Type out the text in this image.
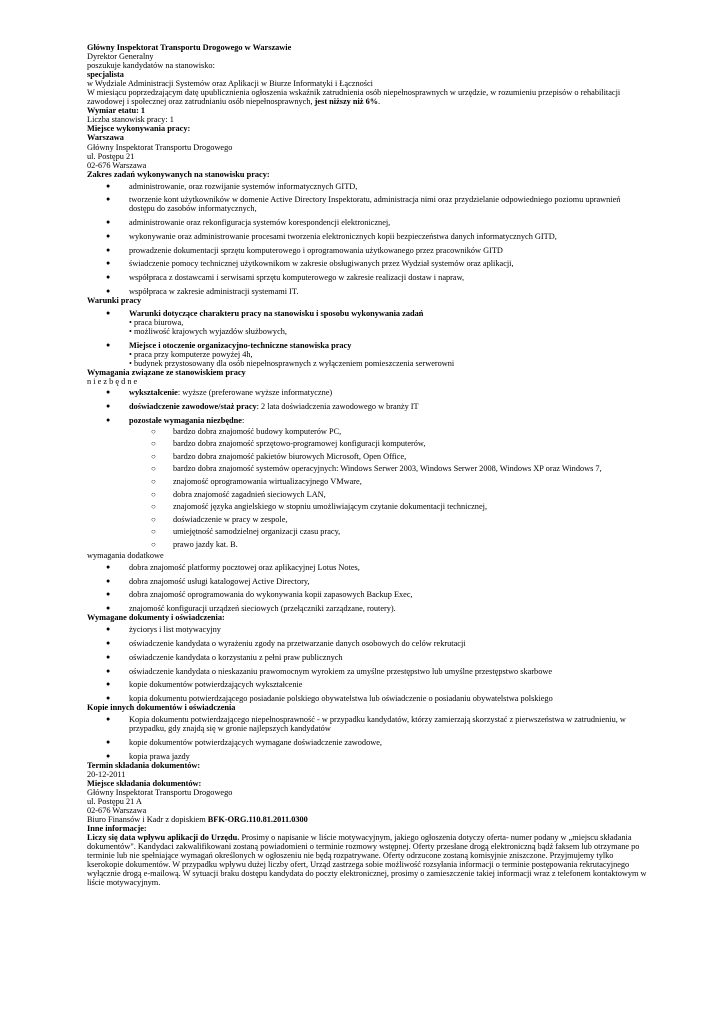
Główny Inspektorat Transportu Drogowego w Warszawie

Dyrektor Generalny

poszukuje kandydatów na stanowisko:

specjalista

w Wydziale Administracji Systemów oraz Aplikacji w Biurze Informatyki i Łączności

W miesiącu poprzedzającym datę upublicznienia ogłoszenia wskaźnik zatrudnienia osób niepełnosprawnych w urzędzie, w rozumieniu przepisów o rehabilitacji zawodowej i społecznej oraz zatrudnianiu osób niepełnosprawnych, jest niższy niż 6%.

Wymiar etatu: 1

Liczba stanowisk pracy: 1

Miejsce wykonywania pracy:

Warszawa

Główny Inspektorat Transportu Drogowego

ul. Postępu 21

02-676 Warszawa

Zakres zadań wykonywanych na stanowisku pracy:

● administrowanie, oraz rozwijanie systemów informatycznych GITD,
● tworzenie kont użytkowników w domenie Active Directory Inspektoratu, administracja nimi oraz przydzielanie odpowiedniego poziomu uprawnień dostępu do zasobów informatycznych,
● administrowanie oraz rekonfiguracja systemów korespondencji elektronicznej,
● wykonywanie oraz administrowanie procesami tworzenia elektronicznych kopii bezpieczeństwa danych informatycznych GITD,
● prowadzenie dokumentacji sprzętu komputerowego i oprogramowania użytkowanego przez pracowników GITD
● świadczenie pomocy technicznej użytkownikom w zakresie obsługiwanych przez Wydział systemów oraz aplikacji,
● współpraca z dostawcami i serwisami sprzętu komputerowego w zakresie realizacji dostaw i napraw,
● współpraca w zakresie administracji systemami IT.

Warunki pracy

● Warunki dotyczące charakteru pracy na stanowisku i sposobu wykonywania zadań
• praca biurowa,
• możliwość krajowych wyjazdów służbowych,
● Miejsce i otoczenie organizacyjno-techniczne stanowiska pracy
• praca przy komputerze powyżej 4h,
• budynek przystosowany dla osób niepełnosprawnych z wyłączeniem pomieszczenia serwerowni

Wymagania związane ze stanowiskiem pracy

n i e z b ę d n e

● wykształcenie: wyższe (preferowane wyższe informatyczne)
● doświadczenie zawodowe/staż pracy: 2 lata doświadczenia zawodowego w branży IT
● pozostałe wymagania niezbędne:
○ bardzo dobra znajomość budowy komputerów PC,
○ bardzo dobra znajomość sprzętowo-programowej konfiguracji komputerów,
○ bardzo dobra znajomość pakietów biurowych Microsoft, Open Office,
○ bardzo dobra znajomość systemów operacyjnych: Windows Serwer 2003, Windows Serwer 2008, Windows XP oraz Windows 7,
○ znajomość oprogramowania wirtualizacyjnego VMware,
○ dobra znajomość zagadnień sieciowych LAN,
○ znajomość języka angielskiego w stopniu umożliwiającym czytanie dokumentacji technicznej,
○ doświadczenie w pracy w zespole,
○ umiejętność samodzielnej organizacji czasu pracy,
○ prawo jazdy kat. B.

wymagania dodatkowe

● dobra znajomość platformy pocztowej oraz aplikacyjnej Lotus Notes,
● dobra znajomość usługi katalogowej Active Directory,
● dobra znajomość oprogramowania do wykonywania kopii zapasowych Backup Exec,
● znajomość konfiguracji urządzeń sieciowych (przełączniki zarządzane, routery).

Wymagane dokumenty i oświadczenia:

● życiorys i list motywacyjny
● oświadczenie kandydata o wyrażeniu zgody na przetwarzanie danych osobowych do celów rekrutacji
● oświadczenie kandydata o korzystaniu z pełni praw publicznych
● oświadczenie kandydata o nieskazaniu prawomocnym wyrokiem za umyślne przestępstwo lub umyślne przestępstwo skarbowe
● kopie dokumentów potwierdzających wykształcenie
● kopia dokumentu potwierdzającego posiadanie polskiego obywatelstwa lub oświadczenie o posiadaniu obywatelstwa polskiego

Kopie innych dokumentów i oświadczenia

● Kopia dokumentu potwierdzającego niepełnosprawność - w przypadku kandydatów, którzy zamierzają skorzystać z pierwszeństwa w zatrudnieniu, w przypadku, gdy znajdą się w gronie najlepszych kandydatów
● kopie dokumentów potwierdzających wymagane doświadczenie zawodowe,
● kopia prawa jazdy

Termin składania dokumentów:

20-12-2011

Miejsce składania dokumentów:

Główny Inspektorat Transportu Drogowego

ul. Postępu 21 A

02-676 Warszawa

Biuro Finansów i Kadr z dopiskiem BFK-ORG.110.81.2011.0300

Inne informacje:

Liczy się data wpływu aplikacji do Urzędu. Prosimy o napisanie w liście motywacyjnym, jakiego ogłoszenia dotyczy oferta- numer podany w „miejscu składania dokumentów". Kandydaci zakwalifikowani zostaną powiadomieni o terminie rozmowy wstępnej. Oferty przesłane drogą elektroniczną bądź faksem lub otrzymane po terminie lub nie spełniające wymagań określonych w ogłoszeniu nie będą rozpatrywane. Oferty odrzucone zostaną komisyjnie zniszczone. Przyjmujemy tylko kserokopie dokumentów. W przypadku wpływu dużej liczby ofert, Urząd zastrzega sobie możliwość rozsyłania informacji o terminie postępowania rekrutacyjnego wyłącznie drogą e-mailową. W sytuacji braku dostępu kandydata do poczty elektronicznej, prosimy o zamieszczenie takiej informacji wraz z telefonem kontaktowym w liście motywacyjnym.
